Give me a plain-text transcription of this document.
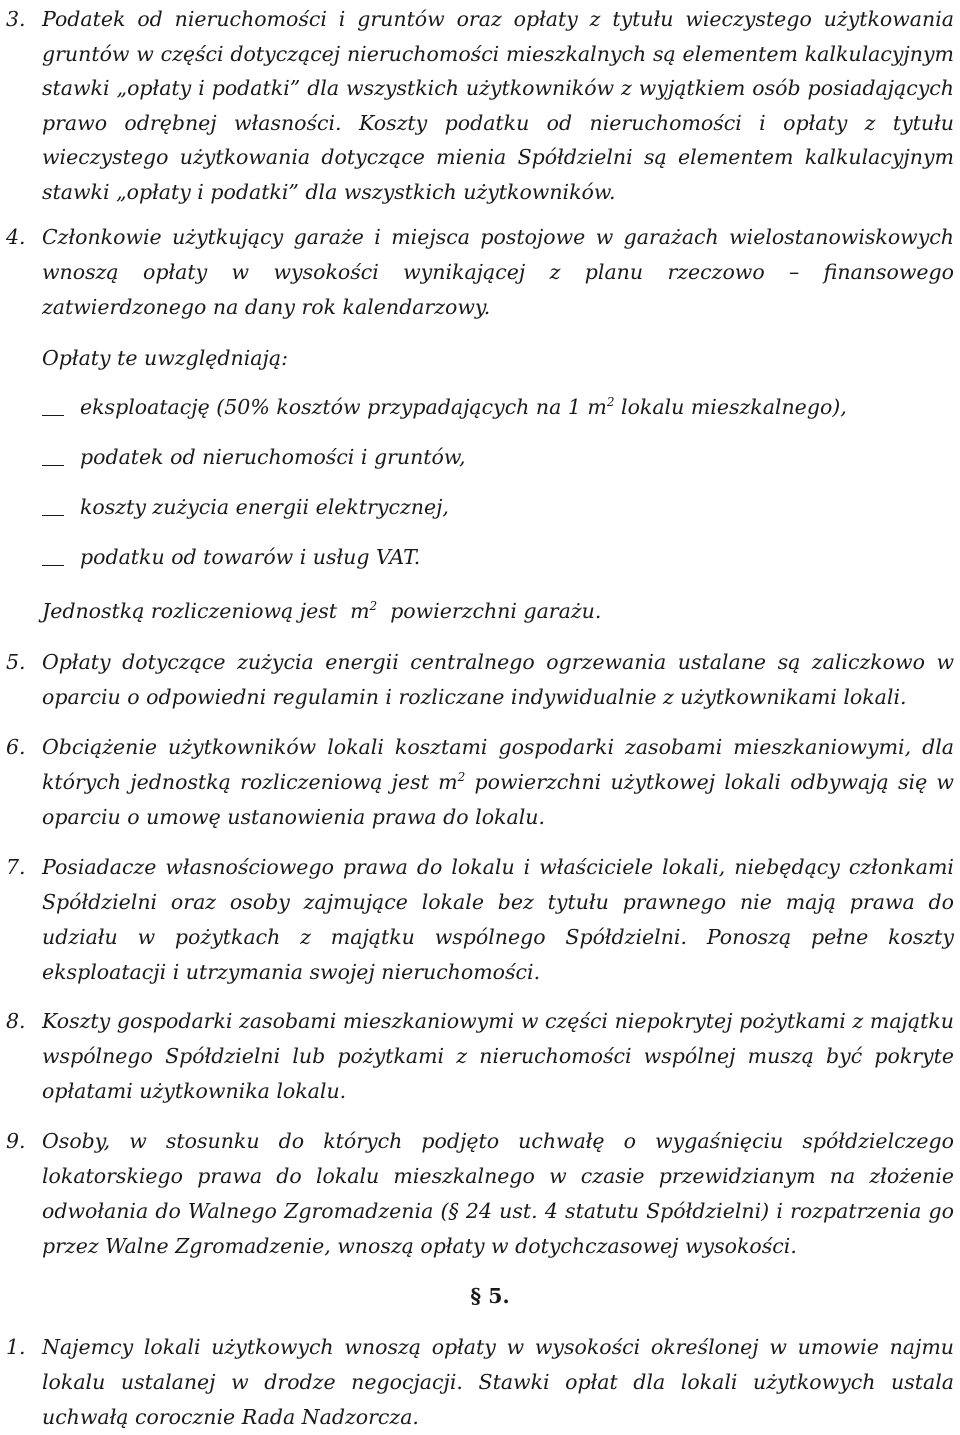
3. Podatek od nieruchomości i gruntów oraz opłaty z tytułu wieczystego użytkowania gruntów w części dotyczącej nieruchomości mieszkalnych są elementem kalkulacyjnym stawki „opłaty i podatki” dla wszystkich użytkowników z wyjątkiem osób posiadających prawo odrębnej własności. Koszty podatku od nieruchomości i opłaty z tytułu wieczystego użytkowania dotyczące mienia Spółdzielni są elementem kalkulacyjnym stawki „opłaty i podatki” dla wszystkich użytkowników.

4. Członkowie użytkujący garaże i miejsca postojowe w garażach wielostanowiskowych wnoszą opłaty w wysokości wynikającej z planu rzeczowo – finansowego zatwierdzonego na dany rok kalendarzowy.

Opłaty te uwzględniają:
eksploatację (50% kosztów przypadających na 1 $m^2$ lokalu mieszkalnego),
podatek od nieruchomości i gruntów,
koszty zużycia energii elektrycznej,
podatku od towarów i usług VAT.
Jednostką rozliczeniową jest  $m^2$  powierzchni garażu.
5. Opłaty dotyczące zużycia energii centralnego ogrzewania ustalane są zaliczkowo w oparciu o odpowiedni regulamin i rozliczane indywidualnie z użytkownikami lokali.

6. Obciążenie użytkowników lokali kosztami gospodarki zasobami mieszkaniowymi, dla których jednostką rozliczeniową jest $m^2$ powierzchni użytkowej lokali odbywają się w oparciu o umowę ustanowienia prawa do lokalu.

7. Posiadacze własnościowego prawa do lokalu i właściciele lokali, niebędący członkami Spółdzielni oraz osoby zajmujące lokale bez tytułu prawnego nie mają prawa do udziału w pożytkach z majątku wspólnego Spółdzielni. Ponoszą pełne koszty eksploatacji i utrzymania swojej nieruchomości.

8. Koszty gospodarki zasobami mieszkaniowymi w części niepokrytej pożytkami z majątku wspólnego Spółdzielni lub pożytkami z nieruchomości wspólnej muszą być pokryte opłatami użytkownika lokalu.

9. Osoby, w stosunku do których podjęto uchwałę o wygaśnięciu spółdzielczego lokatorskiego prawa do lokalu mieszkalnego w czasie przewidzianym na złożenie odwołania do Walnego Zgromadzenia (§ 24 ust. 4 statutu Spółdzielni) i rozpatrzenia go przez Walne Zgromadzenie, wnoszą opłaty w dotychczasowej wysokości.

§ 5.
1. Najemcy lokali użytkowych wnoszą opłaty w wysokości określonej w umowie najmu lokalu ustalanej w drodze negocjacji. Stawki opłat dla lokali użytkowych ustala uchwałą corocznie Rada Nadzorcza.
